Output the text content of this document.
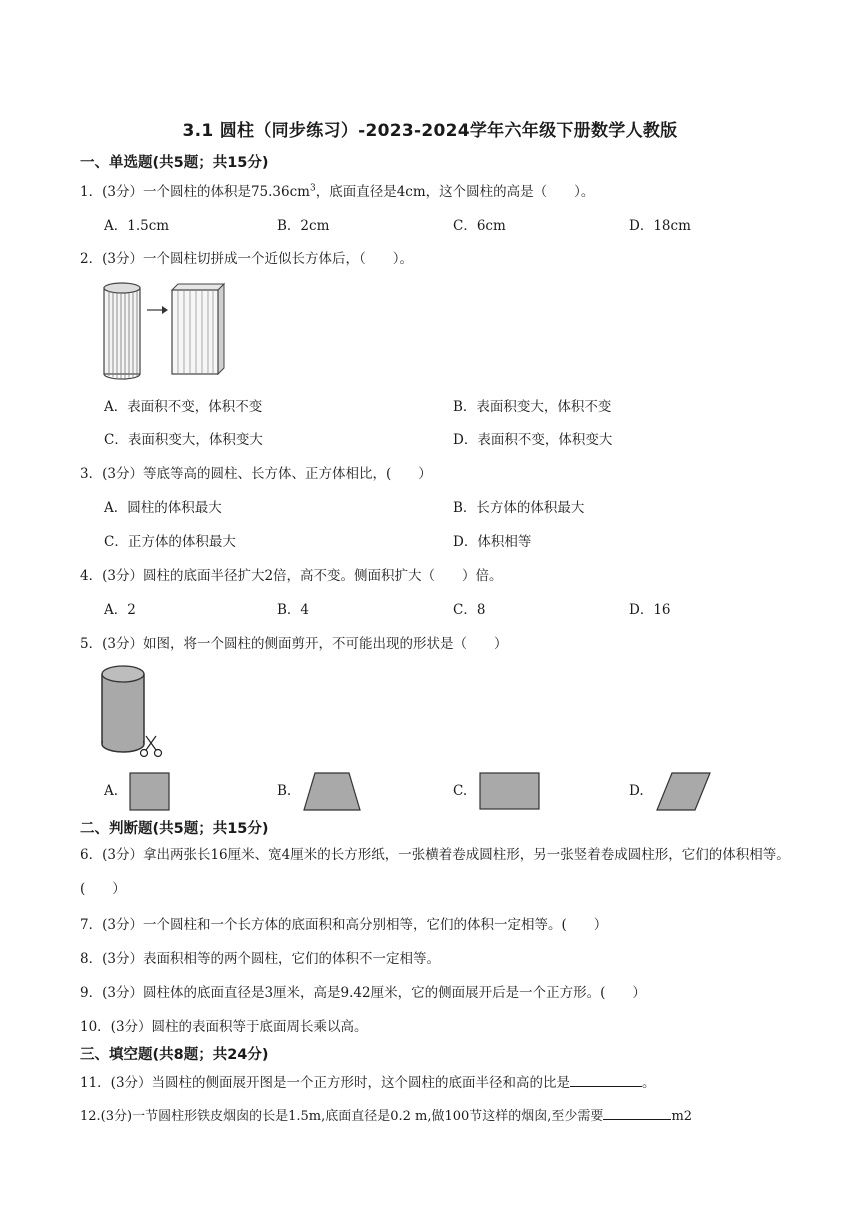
3.1 圆柱（同步练习）-2023-2024学年六年级下册数学人教版
一、单选题(共5题；共15分)
1．(3分）一个圆柱的体积是$75.36cm^3$，底面直径是4cm，这个圆柱的高是（　　）。
A．1.5cm	B．2cm	C．6cm	D．18cm
2．(3分）一个圆柱切拼成一个近似长方体后，（　　）。
A．表面积不变，体积不变	B．表面积变大，体积不变
C．表面积变大，体积变大	D．表面积不变，体积变大
3．(3分）等底等高的圆柱、长方体、正方体相比，(　　）
A．圆柱的体积最大	B．长方体的体积最大
C．正方体的体积最大	D．体积相等
4．(3分）圆柱的底面半径扩大2倍，高不变。侧面积扩大（　　）倍。
A．2	B．4	C．8	D．16
5．(3分）如图，将一个圆柱的侧面剪开，不可能出现的形状是（　　）
A.	B.	C.	D.
二、判断题(共5题；共15分)
6．(3分）拿出两张长16厘米、宽4厘米的长方形纸，一张横着卷成圆柱形，另一张竖着卷成圆柱形，它们的体积相等。(　　）
7．(3分）一个圆柱和一个长方体的底面积和高分别相等，它们的体积一定相等。(　　）
8．(3分）表面积相等的两个圆柱，它们的体积不一定相等。
9．(3分）圆柱体的底面直径是3厘米，高是9.42厘米，它的侧面展开后是一个正方形。(　　）
10．(3分）圆柱的表面积等于底面周长乘以高。
三、填空题(共8题；共24分)
11．(3分）当圆柱的侧面展开图是一个正方形时，这个圆柱的底面半径和高的比是	。
12.(3分)一节圆柱形铁皮烟囱的长是1.5m,底面直径是0.2 m,做100节这样的烟囱,至少需要	m2
